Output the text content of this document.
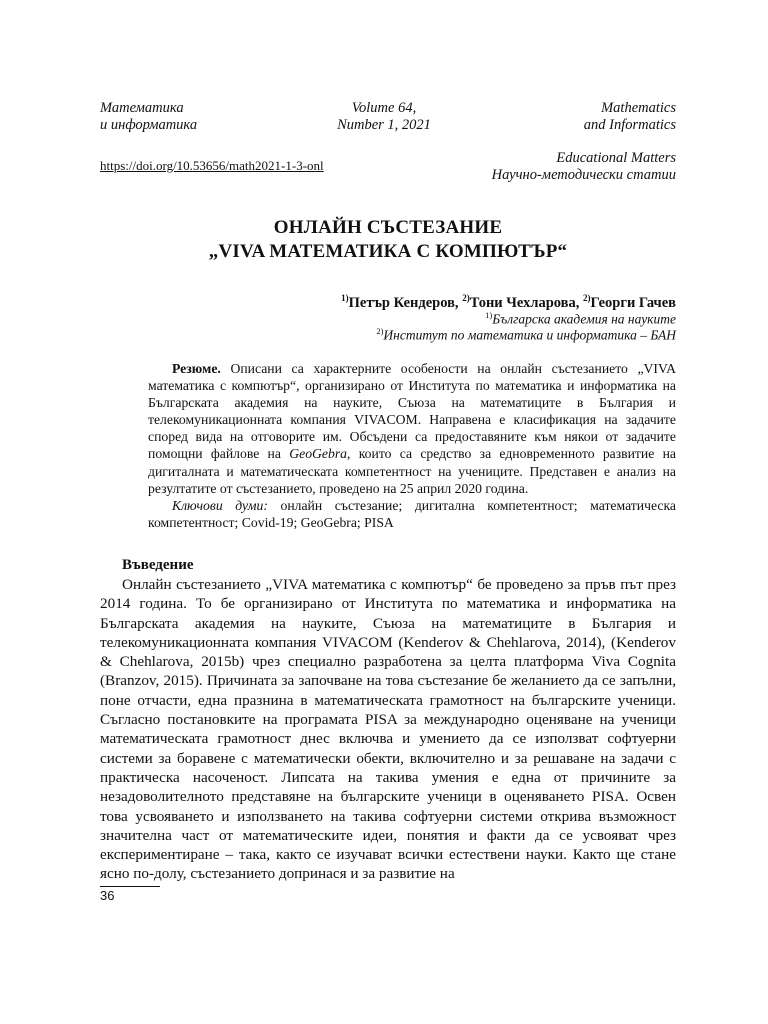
Математика
и информатика
Volume 64,
Number 1, 2021
Mathematics
and Informatics
Educational Matters
Научно-методически статии
https://doi.org/10.53656/math2021-1-3-onl
ОНЛАЙН СЪСТЕЗАНИЕ
„VIVA МАТЕМАТИКА С КОМПЮТЪР“
$^{1)}$Петър Кендеров, $^{2)}$Тони Чехларова, $^{2)}$Георги Гачев
$^{1)}$Българска академия на науките
$^{2)}$Институт по математика и информатика – БАН

Резюме. Описани са характерните особености на онлайн състезанието „VIVA математика с компютър“, организирано от Института по математика и информатика на Българската академия на науките, Съюза на математиците в България и телекомуникационната компания VIVACOM. Направена е класификация на задачите според вида на отговорите им. Обсъдени са предоставяните към някои от задачите помощни файлове на GeoGebra, които са средство за едновременното развитие на дигиталната и математическата компетентност на учениците. Представен е анализ на резултатите от състезанието, проведено на 25 април 2020 година.

Ключови думи: онлайн състезание; дигитална компетентност; математическа компетентност; Covid-19; GeoGebra; PISA

Въведение

Онлайн състезанието „VIVA математика с компютър“ бе проведено за пръв път през 2014 година. То бе организирано от Института по математика и информатика на Българската академия на науките, Съюза на математиците в България и телекомуникационната компания VIVACOM (Kenderov & Chehlarova, 2014), (Kenderov & Chehlarova, 2015b) чрез специално разработена за целта платформа Viva Cognita (Branzov, 2015). Причината за започване на това състезание бе желанието да се запълни, поне отчасти, една празнина в математическата грамотност на българските ученици. Съгласно постановките на програмата PISA за международно оценяване на ученици математическата грамотност днес включва и умението да се използват софтуерни системи за боравене с математически обекти, включително и за решаване на задачи с практическа насоченост. Липсата на такива умения е една от причините за незадоволителното представяне на българските ученици в оценяването PISA. Освен това усвояването и използването на такива софтуерни системи открива възможност значителна част от математическите идеи, понятия и факти да се усвояват чрез експериментиране – така, както се изучават всички естествени науки. Както ще стане ясно по-долу, състезанието допринася и за развитие на

36
